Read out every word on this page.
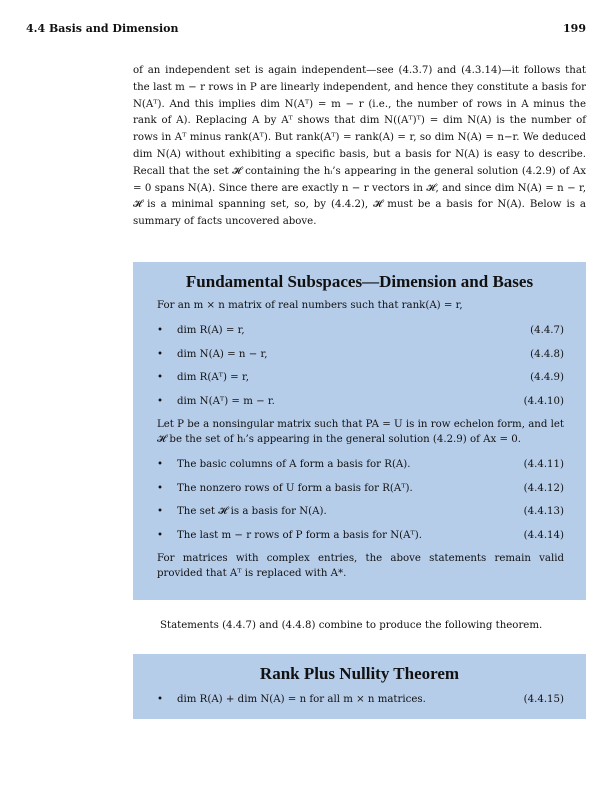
4.4 Basis and Dimension	199

of an independent set is again independent—see (4.3.7) and (4.3.14)—it follows that the last m − r rows in P are linearly independent, and hence they constitute a basis for N(Aᵀ). And this implies dim N(Aᵀ) = m − r (i.e., the number of rows in A minus the rank of A). Replacing A by Aᵀ shows that dim N((Aᵀ)ᵀ) = dim N(A) is the number of rows in Aᵀ minus rank(Aᵀ). But rank(Aᵀ) = rank(A) = r, so dim N(A) = n−r. We deduced dim N(A) without exhibiting a specific basis, but a basis for N(A) is easy to describe. Recall that the set 𝓗 containing the hᵢ’s appearing in the general solution (4.2.9) of Ax = 0 spans N(A). Since there are exactly n − r vectors in 𝓗, and since dim N(A) = n − r, 𝓗 is a minimal spanning set, so, by (4.4.2), 𝓗 must be a basis for N(A). Below is a summary of facts uncovered above.

Fundamental Subspaces—Dimension and Bases

For an m × n matrix of real numbers such that rank(A) = r,

•	dim R(A) = r,	(4.4.7)
•	dim N(A) = n − r,	(4.4.8)
•	dim R(Aᵀ) = r,	(4.4.9)
•	dim N(Aᵀ) = m − r.	(4.4.10)

Let P be a nonsingular matrix such that PA = U is in row echelon form, and let 𝓗 be the set of hᵢ’s appearing in the general solution (4.2.9) of Ax = 0.

•	The basic columns of A form a basis for R(A).	(4.4.11)
•	The nonzero rows of U form a basis for R(Aᵀ).	(4.4.12)
•	The set 𝓗 is a basis for N(A).	(4.4.13)
•	The last m − r rows of P form a basis for N(Aᵀ).	(4.4.14)

For matrices with complex entries, the above statements remain valid provided that Aᵀ is replaced with A*.

Statements (4.4.7) and (4.4.8) combine to produce the following theorem.
Rank Plus Nullity Theorem
•	dim R(A) + dim N(A) = n for all m × n matrices.	(4.4.15)
